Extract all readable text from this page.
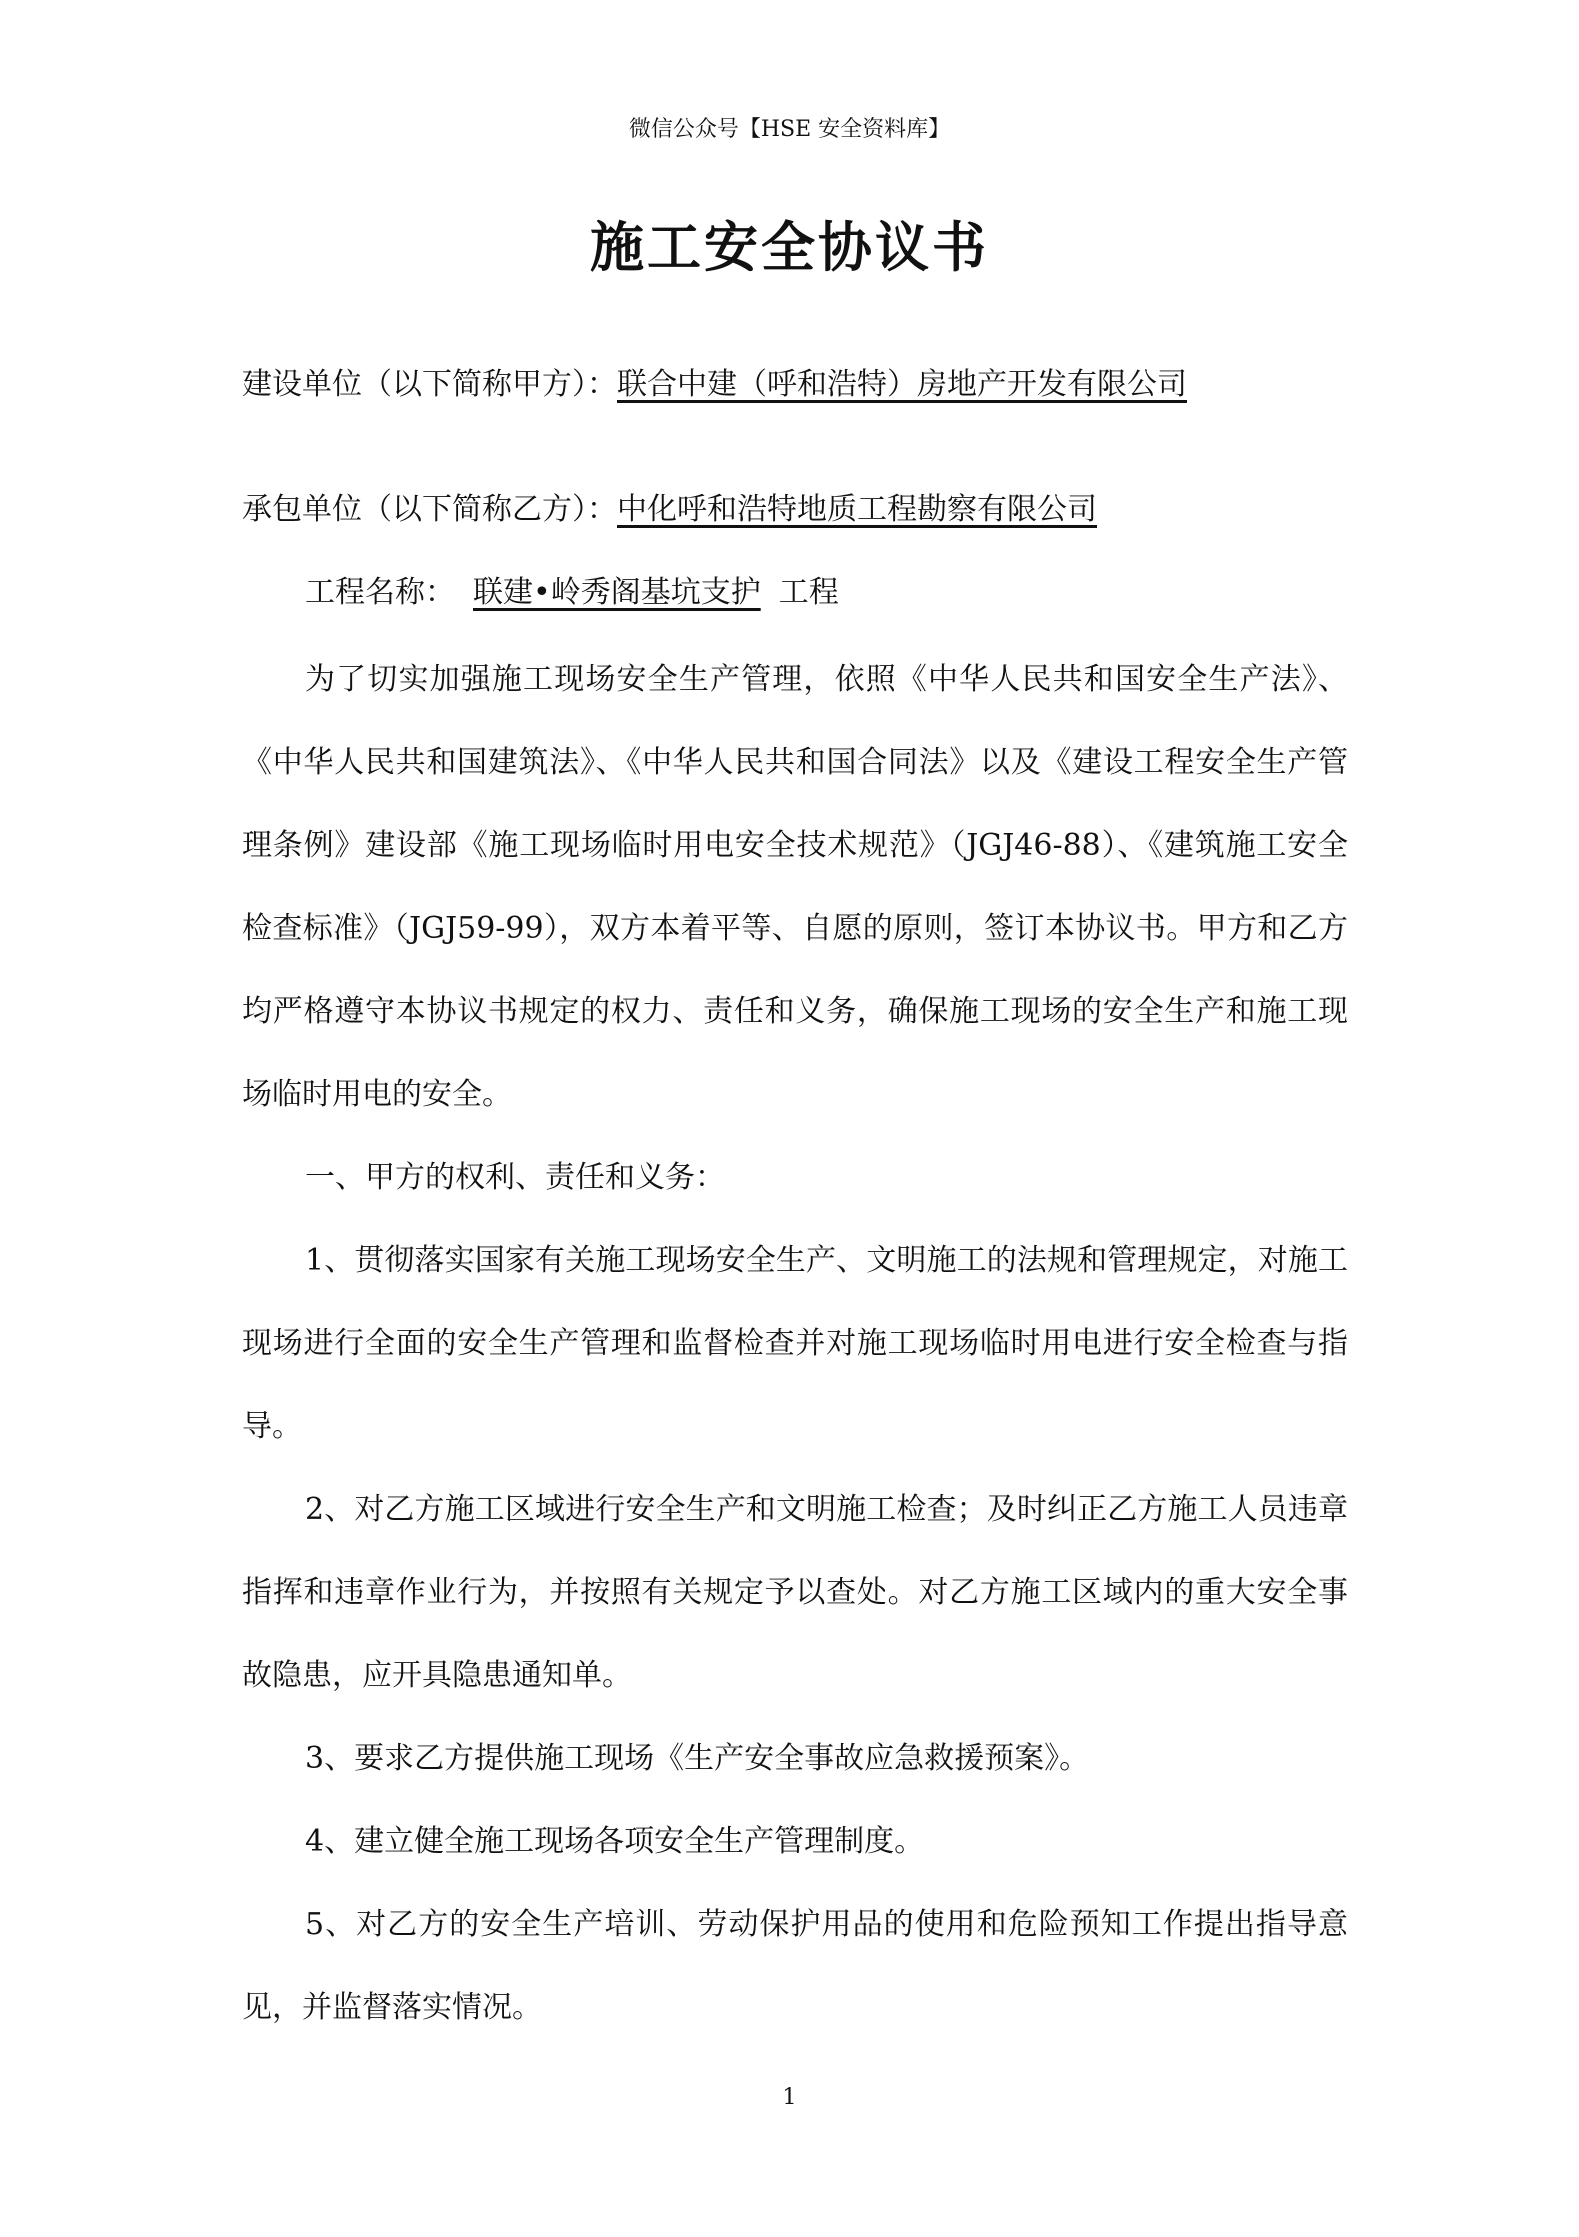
微信公众号【HSE 安全资料库】
施工安全协议书
建设单位（以下简称甲方）：联合中建（呼和浩特）房地产开发有限公司
承包单位（以下简称乙方）：中化呼和浩特地质工程勘察有限公司
工程名称： 联建•岭秀阁基坑支护 工程

为了切实加强施工现场安全生产管理，依照《中华人民共和国安全生产法》、《中华人民共和国建筑法》、《中华人民共和国合同法》以及《建设工程安全生产管理条例》建设部《施工现场临时用电安全技术规范》（JGJ46-88）、《建筑施工安全检查标准》（JGJ59-99），双方本着平等、自愿的原则，签订本协议书。甲方和乙方均严格遵守本协议书规定的权力、责任和义务，确保施工现场的安全生产和施工现场临时用电的安全。

一、甲方的权利、责任和义务：

1、贯彻落实国家有关施工现场安全生产、文明施工的法规和管理规定，对施工现场进行全面的安全生产管理和监督检查并对施工现场临时用电进行安全检查与指导。

2、对乙方施工区域进行安全生产和文明施工检查；及时纠正乙方施工人员违章指挥和违章作业行为，并按照有关规定予以查处。对乙方施工区域内的重大安全事故隐患，应开具隐患通知单。

3、要求乙方提供施工现场《生产安全事故应急救援预案》。

4、建立健全施工现场各项安全生产管理制度。

5、对乙方的安全生产培训、劳动保护用品的使用和危险预知工作提出指导意见，并监督落实情况。

1
